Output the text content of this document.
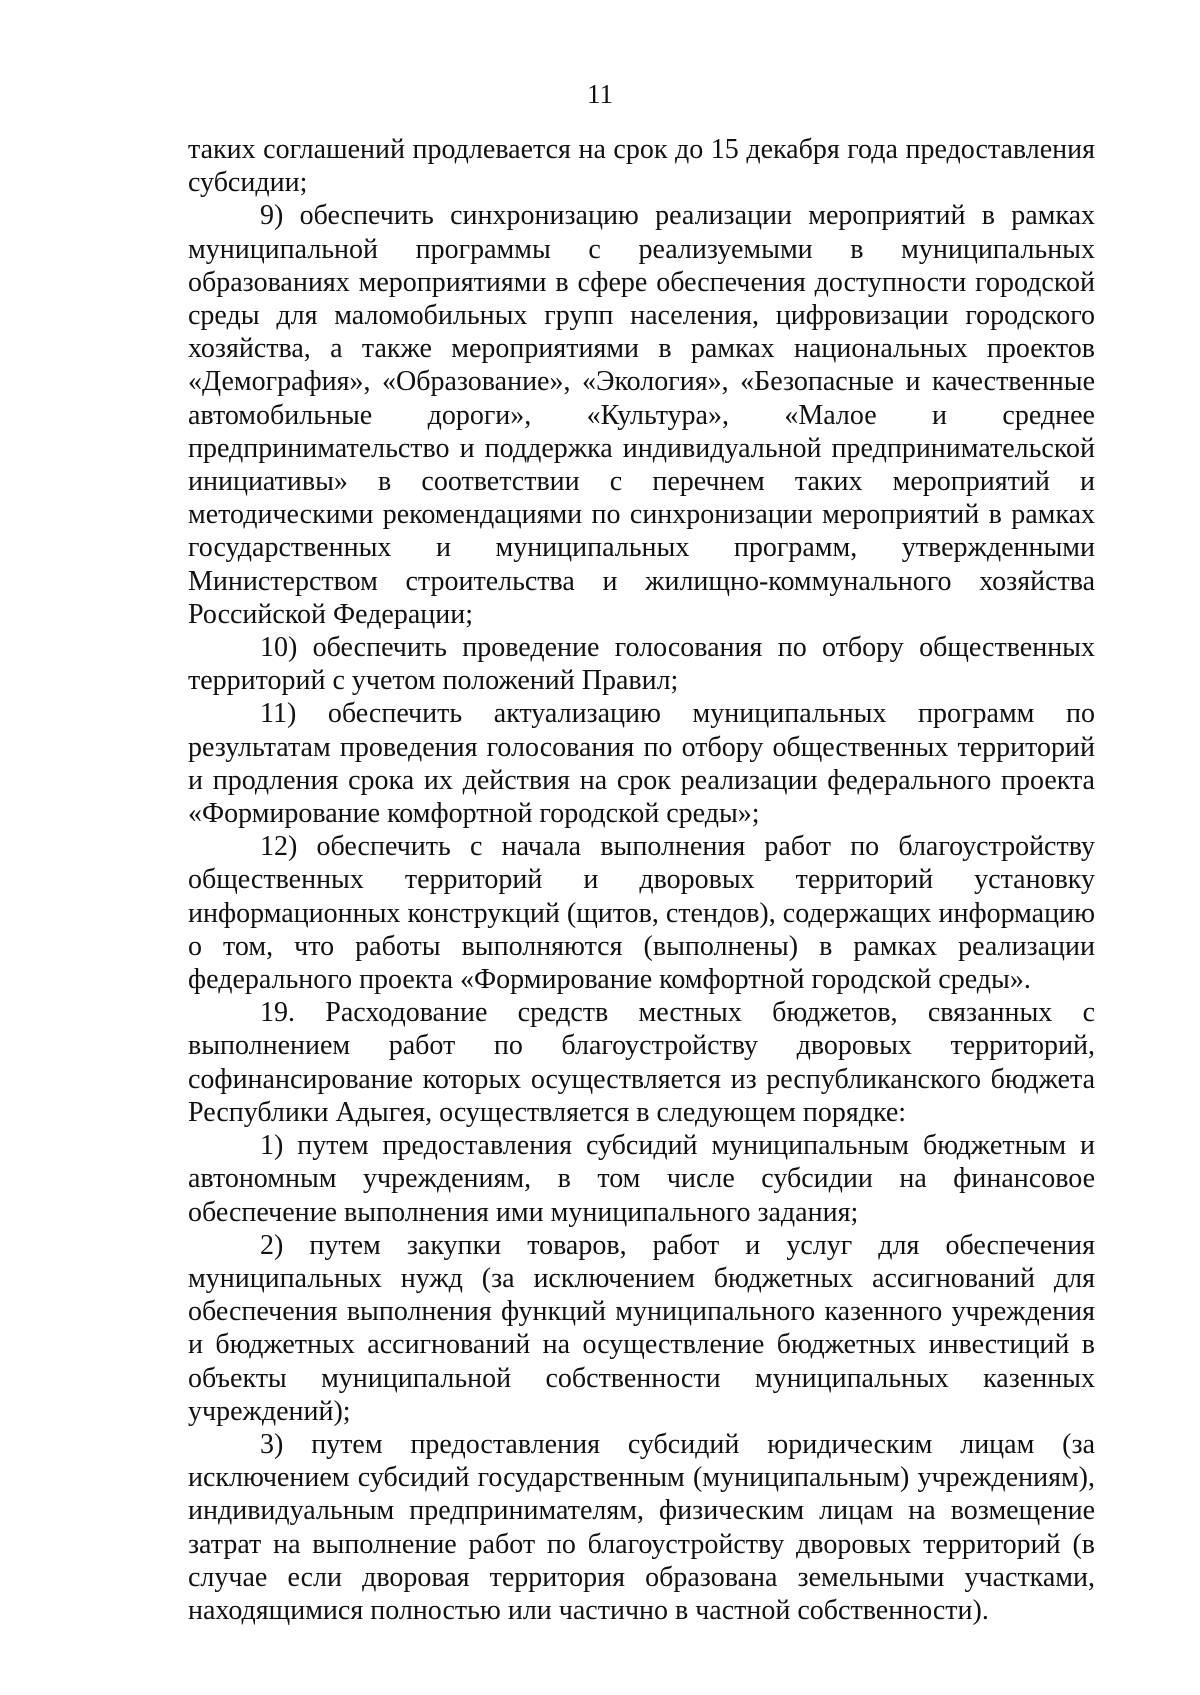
11

таких соглашений продлевается на срок до 15 декабря года предоставления субсидии;

9) обеспечить синхронизацию реализации мероприятий в рамках муниципальной программы с реализуемыми в муниципальных образованиях мероприятиями в сфере обеспечения доступности городской среды для маломобильных групп населения, цифровизации городского хозяйства, а также мероприятиями в рамках национальных проектов «Демография», «Образование», «Экология», «Безопасные и качественные автомобильные дороги», «Культура», «Малое и среднее предпринимательство и поддержка индивидуальной предпринимательской инициативы» в соответствии с перечнем таких мероприятий и методическими рекомендациями по синхронизации мероприятий в рамках государственных и муниципальных программ, утвержденными Министерством строительства и жилищно-коммунального хозяйства Российской Федерации;

10) обеспечить проведение голосования по отбору общественных территорий с учетом положений Правил;

11) обеспечить актуализацию муниципальных программ по результатам проведения голосования по отбору общественных территорий и продления срока их действия на срок реализации федерального проекта «Формирование комфортной городской среды»;

12) обеспечить с начала выполнения работ по благоустройству общественных территорий и дворовых территорий установку информационных конструкций (щитов, стендов), содержащих информацию о том, что работы выполняются (выполнены) в рамках реализации федерального проекта «Формирование комфортной городской среды».

19. Расходование средств местных бюджетов, связанных с выполнением работ по благоустройству дворовых территорий, софинансирование которых осуществляется из республиканского бюджета Республики Адыгея, осуществляется в следующем порядке:

1) путем предоставления субсидий муниципальным бюджетным и автономным учреждениям, в том числе субсидии на финансовое обеспечение выполнения ими муниципального задания;

2) путем закупки товаров, работ и услуг для обеспечения муниципальных нужд (за исключением бюджетных ассигнований для обеспечения выполнения функций муниципального казенного учреждения и бюджетных ассигнований на осуществление бюджетных инвестиций в объекты муниципальной собственности муниципальных казенных учреждений);

3) путем предоставления субсидий юридическим лицам (за исключением субсидий государственным (муниципальным) учреждениям), индивидуальным предпринимателям, физическим лицам на возмещение затрат на выполнение работ по благоустройству дворовых территорий (в случае если дворовая территория образована земельными участками, находящимися полностью или частично в частной собственности).
